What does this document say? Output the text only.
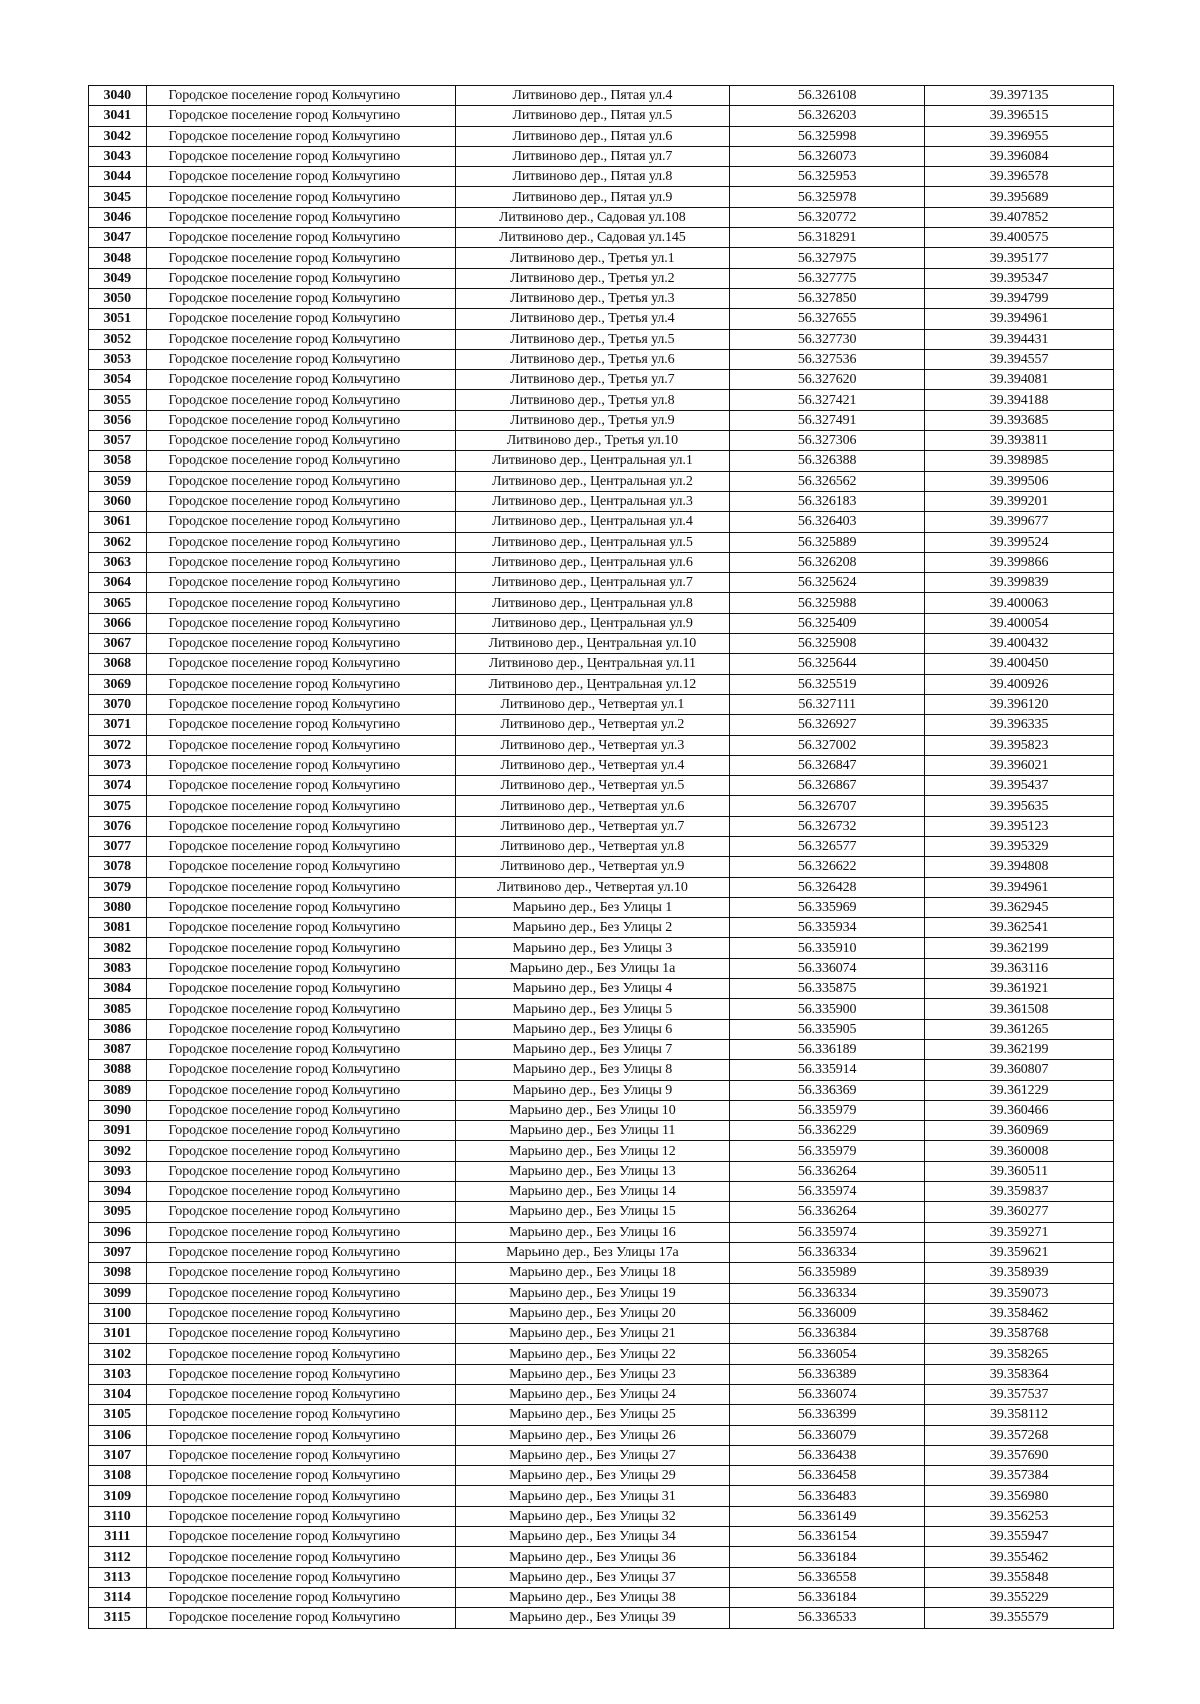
3040	Городское поселение город Кольчугино	Литвиново дер., Пятая ул.4	56.326108	39.397135
3041	Городское поселение город Кольчугино	Литвиново дер., Пятая ул.5	56.326203	39.396515
3042	Городское поселение город Кольчугино	Литвиново дер., Пятая ул.6	56.325998	39.396955
3043	Городское поселение город Кольчугино	Литвиново дер., Пятая ул.7	56.326073	39.396084
3044	Городское поселение город Кольчугино	Литвиново дер., Пятая ул.8	56.325953	39.396578
3045	Городское поселение город Кольчугино	Литвиново дер., Пятая ул.9	56.325978	39.395689
3046	Городское поселение город Кольчугино	Литвиново дер., Садовая ул.108	56.320772	39.407852
3047	Городское поселение город Кольчугино	Литвиново дер., Садовая ул.145	56.318291	39.400575
3048	Городское поселение город Кольчугино	Литвиново дер., Третья ул.1	56.327975	39.395177
3049	Городское поселение город Кольчугино	Литвиново дер., Третья ул.2	56.327775	39.395347
3050	Городское поселение город Кольчугино	Литвиново дер., Третья ул.3	56.327850	39.394799
3051	Городское поселение город Кольчугино	Литвиново дер., Третья ул.4	56.327655	39.394961
3052	Городское поселение город Кольчугино	Литвиново дер., Третья ул.5	56.327730	39.394431
3053	Городское поселение город Кольчугино	Литвиново дер., Третья ул.6	56.327536	39.394557
3054	Городское поселение город Кольчугино	Литвиново дер., Третья ул.7	56.327620	39.394081
3055	Городское поселение город Кольчугино	Литвиново дер., Третья ул.8	56.327421	39.394188
3056	Городское поселение город Кольчугино	Литвиново дер., Третья ул.9	56.327491	39.393685
3057	Городское поселение город Кольчугино	Литвиново дер., Третья ул.10	56.327306	39.393811
3058	Городское поселение город Кольчугино	Литвиново дер., Центральная ул.1	56.326388	39.398985
3059	Городское поселение город Кольчугино	Литвиново дер., Центральная ул.2	56.326562	39.399506
3060	Городское поселение город Кольчугино	Литвиново дер., Центральная ул.3	56.326183	39.399201
3061	Городское поселение город Кольчугино	Литвиново дер., Центральная ул.4	56.326403	39.399677
3062	Городское поселение город Кольчугино	Литвиново дер., Центральная ул.5	56.325889	39.399524
3063	Городское поселение город Кольчугино	Литвиново дер., Центральная ул.6	56.326208	39.399866
3064	Городское поселение город Кольчугино	Литвиново дер., Центральная ул.7	56.325624	39.399839
3065	Городское поселение город Кольчугино	Литвиново дер., Центральная ул.8	56.325988	39.400063
3066	Городское поселение город Кольчугино	Литвиново дер., Центральная ул.9	56.325409	39.400054
3067	Городское поселение город Кольчугино	Литвиново дер., Центральная ул.10	56.325908	39.400432
3068	Городское поселение город Кольчугино	Литвиново дер., Центральная ул.11	56.325644	39.400450
3069	Городское поселение город Кольчугино	Литвиново дер., Центральная ул.12	56.325519	39.400926
3070	Городское поселение город Кольчугино	Литвиново дер., Четвертая ул.1	56.327111	39.396120
3071	Городское поселение город Кольчугино	Литвиново дер., Четвертая ул.2	56.326927	39.396335
3072	Городское поселение город Кольчугино	Литвиново дер., Четвертая ул.3	56.327002	39.395823
3073	Городское поселение город Кольчугино	Литвиново дер., Четвертая ул.4	56.326847	39.396021
3074	Городское поселение город Кольчугино	Литвиново дер., Четвертая ул.5	56.326867	39.395437
3075	Городское поселение город Кольчугино	Литвиново дер., Четвертая ул.6	56.326707	39.395635
3076	Городское поселение город Кольчугино	Литвиново дер., Четвертая ул.7	56.326732	39.395123
3077	Городское поселение город Кольчугино	Литвиново дер., Четвертая ул.8	56.326577	39.395329
3078	Городское поселение город Кольчугино	Литвиново дер., Четвертая ул.9	56.326622	39.394808
3079	Городское поселение город Кольчугино	Литвиново дер., Четвертая ул.10	56.326428	39.394961
3080	Городское поселение город Кольчугино	Марьино дер., Без Улицы 1	56.335969	39.362945
3081	Городское поселение город Кольчугино	Марьино дер., Без Улицы 2	56.335934	39.362541
3082	Городское поселение город Кольчугино	Марьино дер., Без Улицы 3	56.335910	39.362199
3083	Городское поселение город Кольчугино	Марьино дер., Без Улицы 1а	56.336074	39.363116
3084	Городское поселение город Кольчугино	Марьино дер., Без Улицы 4	56.335875	39.361921
3085	Городское поселение город Кольчугино	Марьино дер., Без Улицы 5	56.335900	39.361508
3086	Городское поселение город Кольчугино	Марьино дер., Без Улицы 6	56.335905	39.361265
3087	Городское поселение город Кольчугино	Марьино дер., Без Улицы 7	56.336189	39.362199
3088	Городское поселение город Кольчугино	Марьино дер., Без Улицы 8	56.335914	39.360807
3089	Городское поселение город Кольчугино	Марьино дер., Без Улицы 9	56.336369	39.361229
3090	Городское поселение город Кольчугино	Марьино дер., Без Улицы 10	56.335979	39.360466
3091	Городское поселение город Кольчугино	Марьино дер., Без Улицы 11	56.336229	39.360969
3092	Городское поселение город Кольчугино	Марьино дер., Без Улицы 12	56.335979	39.360008
3093	Городское поселение город Кольчугино	Марьино дер., Без Улицы 13	56.336264	39.360511
3094	Городское поселение город Кольчугино	Марьино дер., Без Улицы 14	56.335974	39.359837
3095	Городское поселение город Кольчугино	Марьино дер., Без Улицы 15	56.336264	39.360277
3096	Городское поселение город Кольчугино	Марьино дер., Без Улицы 16	56.335974	39.359271
3097	Городское поселение город Кольчугино	Марьино дер., Без Улицы 17а	56.336334	39.359621
3098	Городское поселение город Кольчугино	Марьино дер., Без Улицы 18	56.335989	39.358939
3099	Городское поселение город Кольчугино	Марьино дер., Без Улицы 19	56.336334	39.359073
3100	Городское поселение город Кольчугино	Марьино дер., Без Улицы 20	56.336009	39.358462
3101	Городское поселение город Кольчугино	Марьино дер., Без Улицы 21	56.336384	39.358768
3102	Городское поселение город Кольчугино	Марьино дер., Без Улицы 22	56.336054	39.358265
3103	Городское поселение город Кольчугино	Марьино дер., Без Улицы 23	56.336389	39.358364
3104	Городское поселение город Кольчугино	Марьино дер., Без Улицы 24	56.336074	39.357537
3105	Городское поселение город Кольчугино	Марьино дер., Без Улицы 25	56.336399	39.358112
3106	Городское поселение город Кольчугино	Марьино дер., Без Улицы 26	56.336079	39.357268
3107	Городское поселение город Кольчугино	Марьино дер., Без Улицы 27	56.336438	39.357690
3108	Городское поселение город Кольчугино	Марьино дер., Без Улицы 29	56.336458	39.357384
3109	Городское поселение город Кольчугино	Марьино дер., Без Улицы 31	56.336483	39.356980
3110	Городское поселение город Кольчугино	Марьино дер., Без Улицы 32	56.336149	39.356253
3111	Городское поселение город Кольчугино	Марьино дер., Без Улицы 34	56.336154	39.355947
3112	Городское поселение город Кольчугино	Марьино дер., Без Улицы 36	56.336184	39.355462
3113	Городское поселение город Кольчугино	Марьино дер., Без Улицы 37	56.336558	39.355848
3114	Городское поселение город Кольчугино	Марьино дер., Без Улицы 38	56.336184	39.355229
3115	Городское поселение город Кольчугино	Марьино дер., Без Улицы 39	56.336533	39.355579
